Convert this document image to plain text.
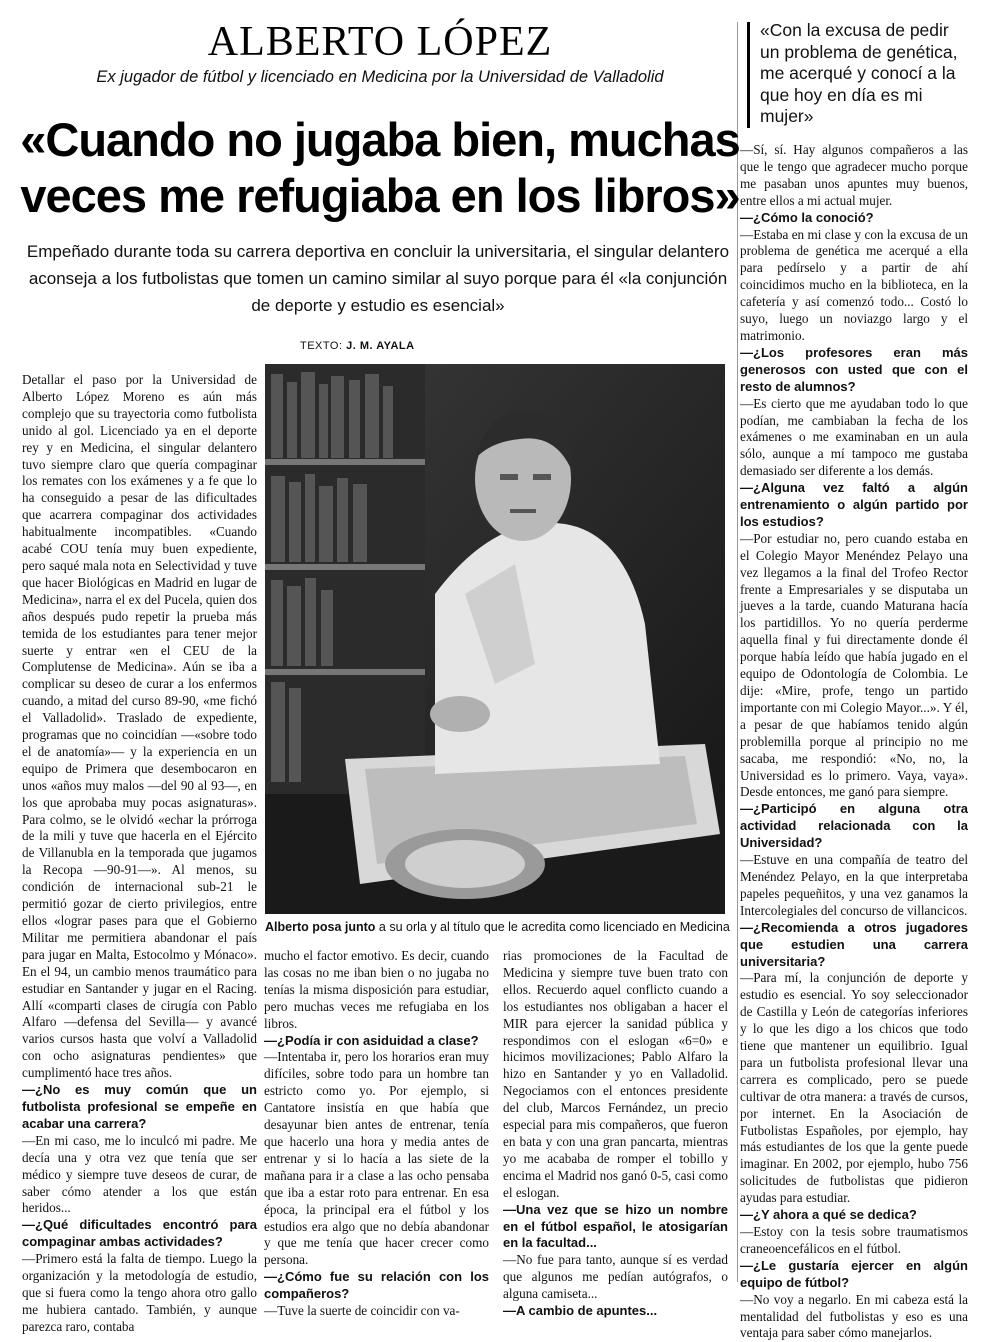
ALBERTO LÓPEZ
Ex jugador de fútbol y licenciado en Medicina por la Universidad de Valladolid
«Cuando no jugaba bien, muchas
veces me refugiaba en los libros»
Empeñado durante toda su carrera deportiva en concluir la universitaria, el singular delantero aconseja a los futbolistas que tomen un camino similar al suyo porque para él «la conjunción de deporte y estudio es esencial»
TEXTO: J. M. AYALA
«Con la excusa de pedir un problema de genética, me acerqué y conocí a la que hoy en día es mi mujer»
Alberto posa junto a su orla y al título que le acredita como licenciado en Medicina

Detallar el paso por la Universidad de Alberto López Moreno es aún más complejo que su trayectoria como futbolista unido al gol. Licenciado ya en el deporte rey y en Medicina, el singular delantero tuvo siempre claro que quería compaginar los remates con los exámenes y a fe que lo ha conseguido a pesar de las dificultades que acarrera compaginar dos actividades habitualmente incompatibles. «Cuando acabé COU tenía muy buen expediente, pero saqué mala nota en Selectividad y tuve que hacer Biológicas en Madrid en lugar de Medicina», narra el ex del Pucela, quien dos años después pudo repetir la prueba más temida de los estudiantes para tener mejor suerte y entrar «en el CEU de la Complutense de Medicina». Aún se iba a complicar su deseo de curar a los enfermos cuando, a mitad del curso 89-90, «me fichó el Valladolid». Traslado de expediente, programas que no coincidían —«sobre todo el de anatomía»— y la experiencia en un equipo de Primera que desembocaron en unos «años muy malos —del 90 al 93—, en los que aprobaba muy pocas asignaturas». Para colmo, se le olvidó «echar la prórroga de la mili y tuve que hacerla en el Ejército de Villanubla en la temporada que jugamos la Recopa —90-91—». Al menos, su condición de internacional sub-21 le permitió gozar de cierto privilegios, entre ellos «lograr pases para que el Gobierno Militar me permitiera abandonar el país para jugar en Malta, Estocolmo y Mónaco». En el 94, un cambio menos traumático para estudiar en Santander y jugar en el Racing. Allí «comparti clases de cirugía con Pablo Alfaro —defensa del Sevilla— y avancé varios cursos hasta que volví a Valladolid con ocho asignaturas pendientes» que cumplimentó hace tres años.

—¿No es muy común que un futbolista profesional se empeñe en acabar una carrera?

—En mi caso, me lo inculcó mi padre. Me decía una y otra vez que tenía que ser médico y siempre tuve deseos de curar, de saber cómo atender a los que están heridos...

—¿Qué dificultades encontró para compaginar ambas actividades?

—Primero está la falta de tiempo. Luego la organización y la metodología de estudio, que si fuera como la tengo ahora otro gallo me hubiera cantado. También, y aunque parezca raro, contaba

mucho el factor emotivo. Es decir, cuando las cosas no me iban bien o no jugaba no tenías la misma disposición para estudiar, pero muchas veces me refugiaba en los libros.

—¿Podía ir con asiduidad a clase?

—Intentaba ir, pero los horarios eran muy difíciles, sobre todo para un hombre tan estricto como yo. Por ejemplo, si Cantatore insistía en que había que desayunar bien antes de entrenar, tenía que hacerlo una hora y media antes de entrenar y si lo hacía a las siete de la mañana para ir a clase a las ocho pensaba que iba a estar roto para entrenar. En esa época, la principal era el fútbol y los estudios era algo que no debía abandonar y que me tenía que hacer crecer como persona.

—¿Cómo fue su relación con los compañeros?

—Tuve la suerte de coincidir con va-

rias promociones de la Facultad de Medicina y siempre tuve buen trato con ellos. Recuerdo aquel conflicto cuando a los estudiantes nos obligaban a hacer el MIR para ejercer la sanidad pública y respondimos con el eslogan «6=0» e hicimos movilizaciones; Pablo Alfaro la hizo en Santander y yo en Valladolid. Negociamos con el entonces presidente del club, Marcos Fernández, un precio especial para mis compañeros, que fueron en bata y con una gran pancarta, mientras yo me acababa de romper el tobillo y encima el Madrid nos ganó 0-5, casi como el eslogan.

—Una vez que se hizo un nombre en el fútbol español, le atosigarían en la facultad...

—No fue para tanto, aunque sí es verdad que algunos me pedían autógrafos, o alguna camiseta...

—A cambio de apuntes...

—Sí, sí. Hay algunos compañeros a las que le tengo que agradecer mucho porque me pasaban unos apuntes muy buenos, entre ellos a mi actual mujer.

—¿Cómo la conoció?

—Estaba en mi clase y con la excusa de un problema de genética me acerqué a ella para pedírselo y a partir de ahí coincidimos mucho en la biblioteca, en la cafetería y así comenzó todo... Costó lo suyo, luego un noviazgo largo y el matrimonio.

—¿Los profesores eran más generosos con usted que con el resto de alumnos?

—Es cierto que me ayudaban todo lo que podían, me cambiaban la fecha de los exámenes o me examinaban en un aula sólo, aunque a mí tampoco me gustaba demasiado ser diferente a los demás.

—¿Alguna vez faltó a algún entrenamiento o algún partido por los estudios?

—Por estudiar no, pero cuando estaba en el Colegio Mayor Menéndez Pelayo una vez llegamos a la final del Trofeo Rector frente a Empresariales y se disputaba un jueves a la tarde, cuando Maturana hacía los partidillos. Yo no quería perderme aquella final y fui directamente donde él porque había leído que había jugado en el equipo de Odontología de Colombia. Le dije: «Mire, profe, tengo un partido importante con mi Colegio Mayor...». Y él, a pesar de que habíamos tenido algún problemilla porque al principio no me sacaba, me respondió: «No, no, la Universidad es lo primero. Vaya, vaya». Desde entonces, me ganó para siempre.

—¿Participó en alguna otra actividad relacionada con la Universidad?

—Estuve en una compañía de teatro del Menéndez Pelayo, en la que interpretaba papeles pequeñitos, y una vez ganamos la Intercolegiales del concurso de villancicos.

—¿Recomienda a otros jugadores que estudien una carrera universitaria?

—Para mí, la conjunción de deporte y estudio es esencial. Yo soy seleccionador de Castilla y León de categorías inferiores y lo que les digo a los chicos que todo tiene que mantener un equilibrio. Igual para un futbolista profesional llevar una carrera es complicado, pero se puede cultivar de otra manera: a través de cursos, por internet. En la Asociación de Futbolistas Españoles, por ejemplo, hay más estudiantes de los que la gente puede imaginar. En 2002, por ejemplo, hubo 756 solicitudes de futbolistas que pidieron ayudas para estudiar.

—¿Y ahora a qué se dedica?

—Estoy con la tesis sobre traumatismos craneoencefálicos en el fútbol.

—¿Le gustaría ejercer en algún equipo de fútbol?

—No voy a negarlo. En mi cabeza está la mentalidad del futbolistas y eso es una ventaja para saber cómo manejarlos.
